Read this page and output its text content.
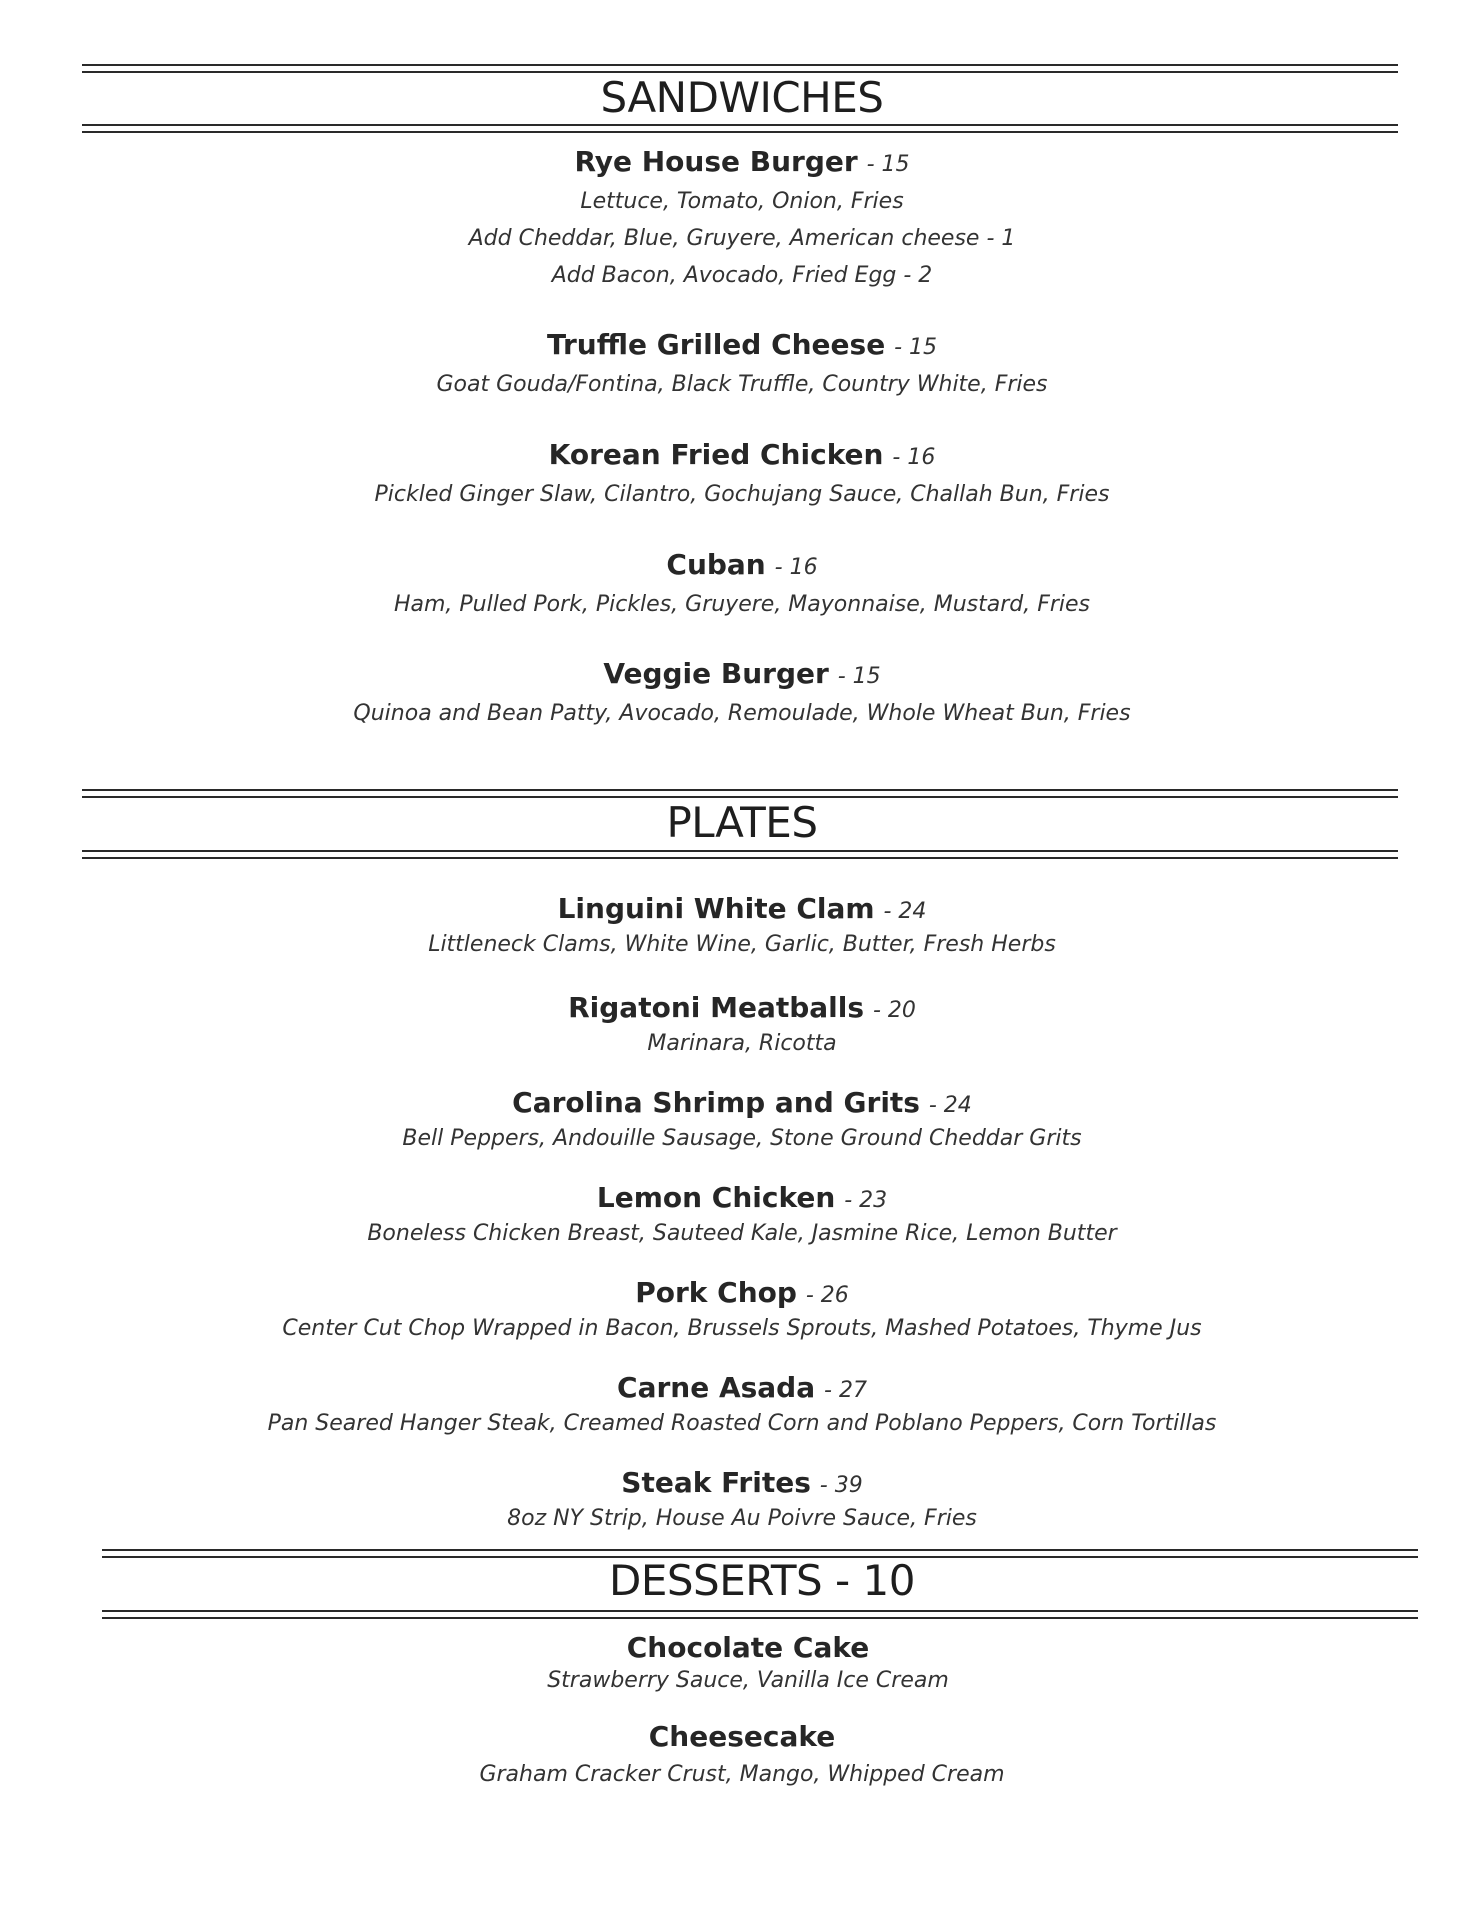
SANDWICHES
Rye House Burger - 15
Lettuce, Tomato, Onion, Fries
Add Cheddar, Blue, Gruyere, American cheese - 1
Add Bacon, Avocado, Fried Egg - 2
Truffle Grilled Cheese - 15
Goat Gouda/Fontina, Black Truffle, Country White, Fries
Korean Fried Chicken - 16
Pickled Ginger Slaw, Cilantro, Gochujang Sauce, Challah Bun, Fries
Cuban - 16
Ham, Pulled Pork, Pickles, Gruyere, Mayonnaise, Mustard, Fries
Veggie Burger - 15
Quinoa and Bean Patty, Avocado, Remoulade, Whole Wheat Bun, Fries
PLATES
Linguini White Clam - 24
Littleneck Clams, White Wine, Garlic, Butter, Fresh Herbs
Rigatoni Meatballs - 20
Marinara, Ricotta
Carolina Shrimp and Grits - 24
Bell Peppers, Andouille Sausage, Stone Ground Cheddar Grits
Lemon Chicken - 23
Boneless Chicken Breast, Sauteed Kale, Jasmine Rice, Lemon Butter
Pork Chop - 26
Center Cut Chop Wrapped in Bacon, Brussels Sprouts, Mashed Potatoes, Thyme Jus
Carne Asada - 27
Pan Seared Hanger Steak, Creamed Roasted Corn and Poblano Peppers, Corn Tortillas
Steak Frites - 39
8oz NY Strip, House Au Poivre Sauce, Fries
DESSERTS - 10
Chocolate Cake
Strawberry Sauce, Vanilla Ice Cream
Cheesecake
Graham Cracker Crust, Mango, Whipped Cream
